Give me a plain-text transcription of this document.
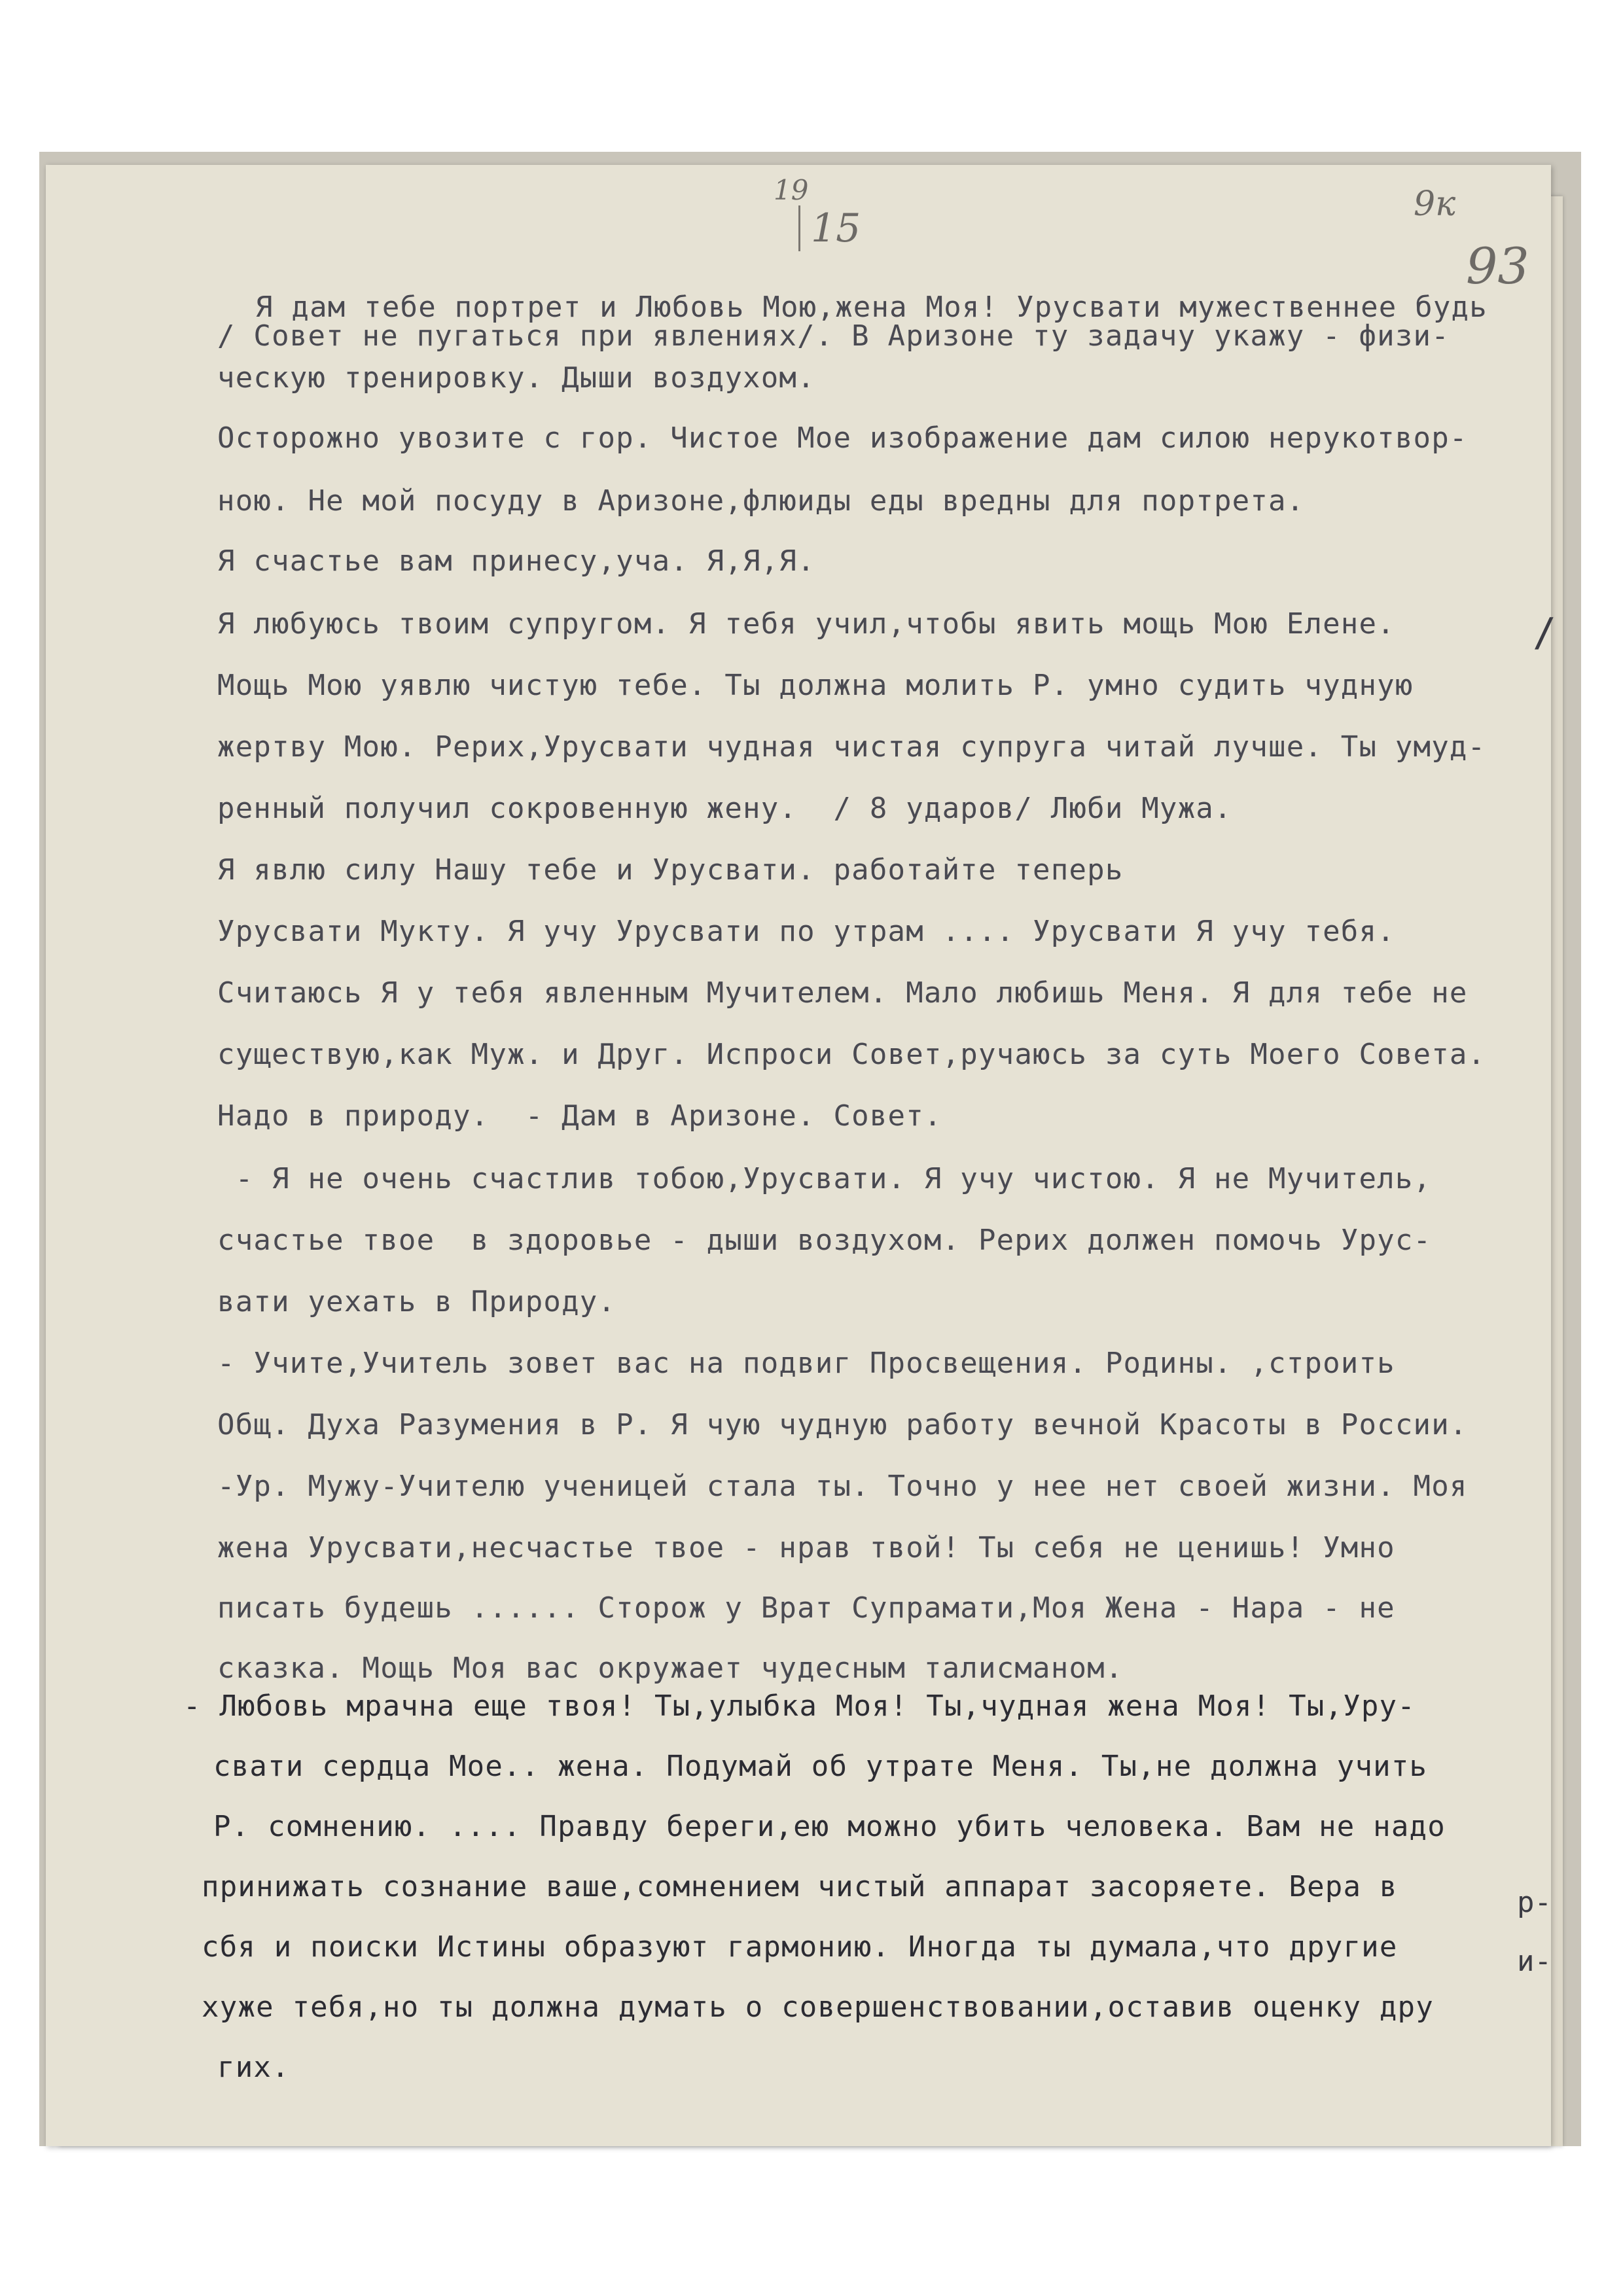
19
15
9к
93
Я дам тебе портрет и Любовь Мою,жена Моя! Урусвати мужественнее будь
/ Совет не пугаться при явлениях/. В Аризоне ту задачу укажу - физи-
ческую тренировку. Дыши воздухом.
Осторожно увозите с гор. Чистое Мое изображение дам силою нерукотвор-
ною. Не мой посуду в Аризоне,флюиды еды вредны для портрета.
Я счастье вам принесу,уча. Я,Я,Я.
Я любуюсь твоим супругом. Я тебя учил,чтобы явить мощь Мою Елене.
Мощь Мою уявлю чистую тебе. Ты должна молить Р. умно судить чудную
жертву Мою. Рерих,Урусвати чудная чистая супруга читай лучше. Ты умуд-
ренный получил сокровенную жену.  / 8 ударов/ Люби Мужа.
Я явлю силу Нашу тебе и Урусвати. работайте теперь
Урусвати Мукту. Я учу Урусвати по утрам .... Урусвати Я учу тебя.
Считаюсь Я у тебя явленным Мучителем. Мало любишь Меня. Я для тебе не
существую,как Муж. и Друг. Испроси Совет,ручаюсь за суть Моего Совета.
Надо в природу.  - Дам в Аризоне. Совет.
- Я не очень счастлив тобою,Урусвати. Я учу чистою. Я не Мучитель,
счастье твое  в здоровье - дыши воздухом. Рерих должен помочь Урус-
вати уехать в Природу.
- Учите,Учитель зовет вас на подвиг Просвещения. Родины. ,строить
Общ. Духа Разумения в Р. Я чую чудную работу вечной Красоты в России.
-Ур. Мужу-Учителю ученицей стала ты. Точно у нее нет своей жизни. Моя
жена Урусвати,несчастье твое - нрав твой! Ты себя не ценишь! Умно
писать будешь ...... Сторож у Врат Супрамати,Моя Жена - Нара - не
сказка. Мощь Моя вас окружает чудесным талисманом.
- Любовь мрачна еще твоя! Ты,улыбка Моя! Ты,чудная жена Моя! Ты,Уру-
свати сердца Мое.. жена. Подумай об утрате Меня. Ты,не должна учить
Р. сомнению. .... Правду береги,ею можно убить человека. Вам не надо
принижать сознание ваше,сомнением чистый аппарат засоряете. Вера в
сбя и поиски Истины образуют гармонию. Иногда ты думала,что другие
хуже тебя,но ты должна думать о совершенствовании,оставив оценку дру
гих.
/
р-
и-
